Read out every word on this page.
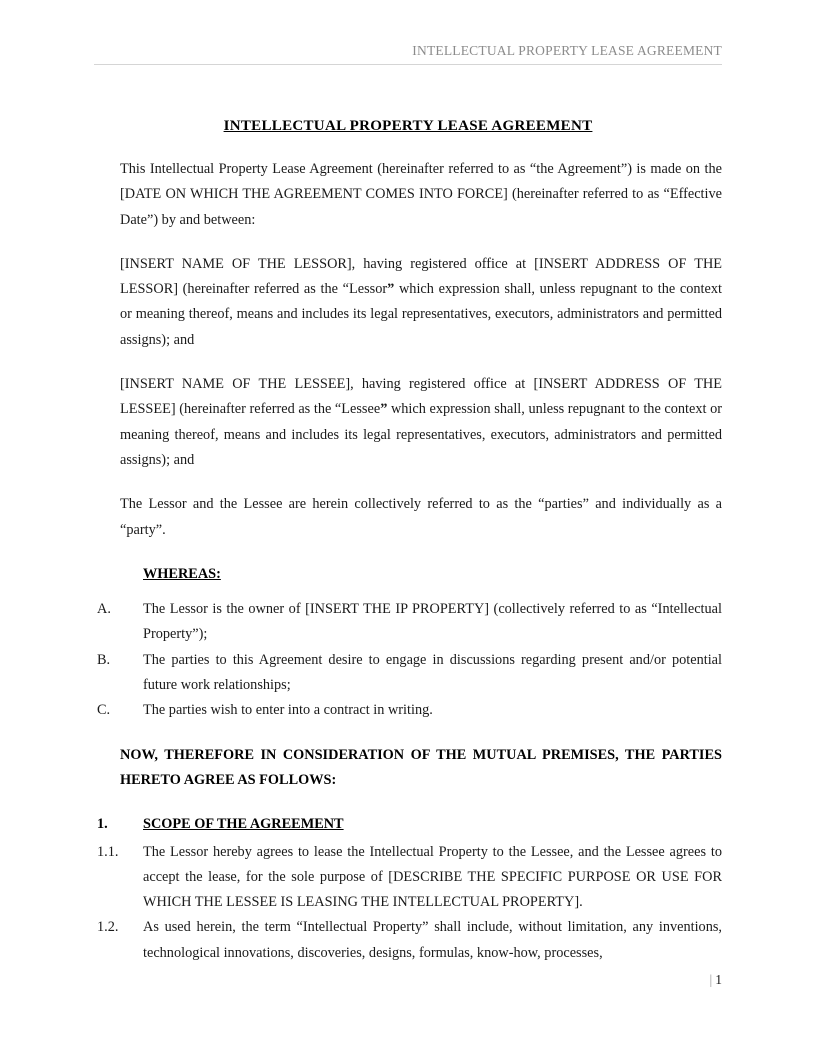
INTELLECTUAL PROPERTY LEASE AGREEMENT
INTELLECTUAL PROPERTY LEASE AGREEMENT

This Intellectual Property Lease Agreement (hereinafter referred to as “the Agreement”) is made on the [DATE ON WHICH THE AGREEMENT COMES INTO FORCE] (hereinafter referred to as “Effective Date”) by and between:

[INSERT NAME OF THE LESSOR], having registered office at [INSERT ADDRESS OF THE LESSOR] (hereinafter referred as the “Lessor” which expression shall, unless repugnant to the context or meaning thereof, means and includes its legal representatives, executors, administrators and permitted assigns); and

[INSERT NAME OF THE LESSEE], having registered office at [INSERT ADDRESS OF THE LESSEE] (hereinafter referred as the “Lessee” which expression shall, unless repugnant to the context or meaning thereof, means and includes its legal representatives, executors, administrators and permitted assigns); and

The Lessor and the Lessee are herein collectively referred to as the “parties” and individually as a “party”.

WHEREAS:
A.	The Lessor is the owner of [INSERT THE IP PROPERTY] (collectively referred to as “Intellectual Property”);
B.	The parties to this Agreement desire to engage in discussions regarding present and/or potential future work relationships;
C.	The parties wish to enter into a contract in writing.
NOW, THEREFORE IN CONSIDERATION OF THE MUTUAL PREMISES, THE PARTIES HERETO AGREE AS FOLLOWS:
1.	SCOPE OF THE AGREEMENT
1.1.	The Lessor hereby agrees to lease the Intellectual Property to the Lessee, and the Lessee agrees to accept the lease, for the sole purpose of [DESCRIBE THE SPECIFIC PURPOSE OR USE FOR WHICH THE LESSEE IS LEASING THE INTELLECTUAL PROPERTY].
1.2.	As used herein, the term “Intellectual Property” shall include, without limitation, any inventions, technological innovations, discoveries, designs, formulas, know-how, processes,
| 1
